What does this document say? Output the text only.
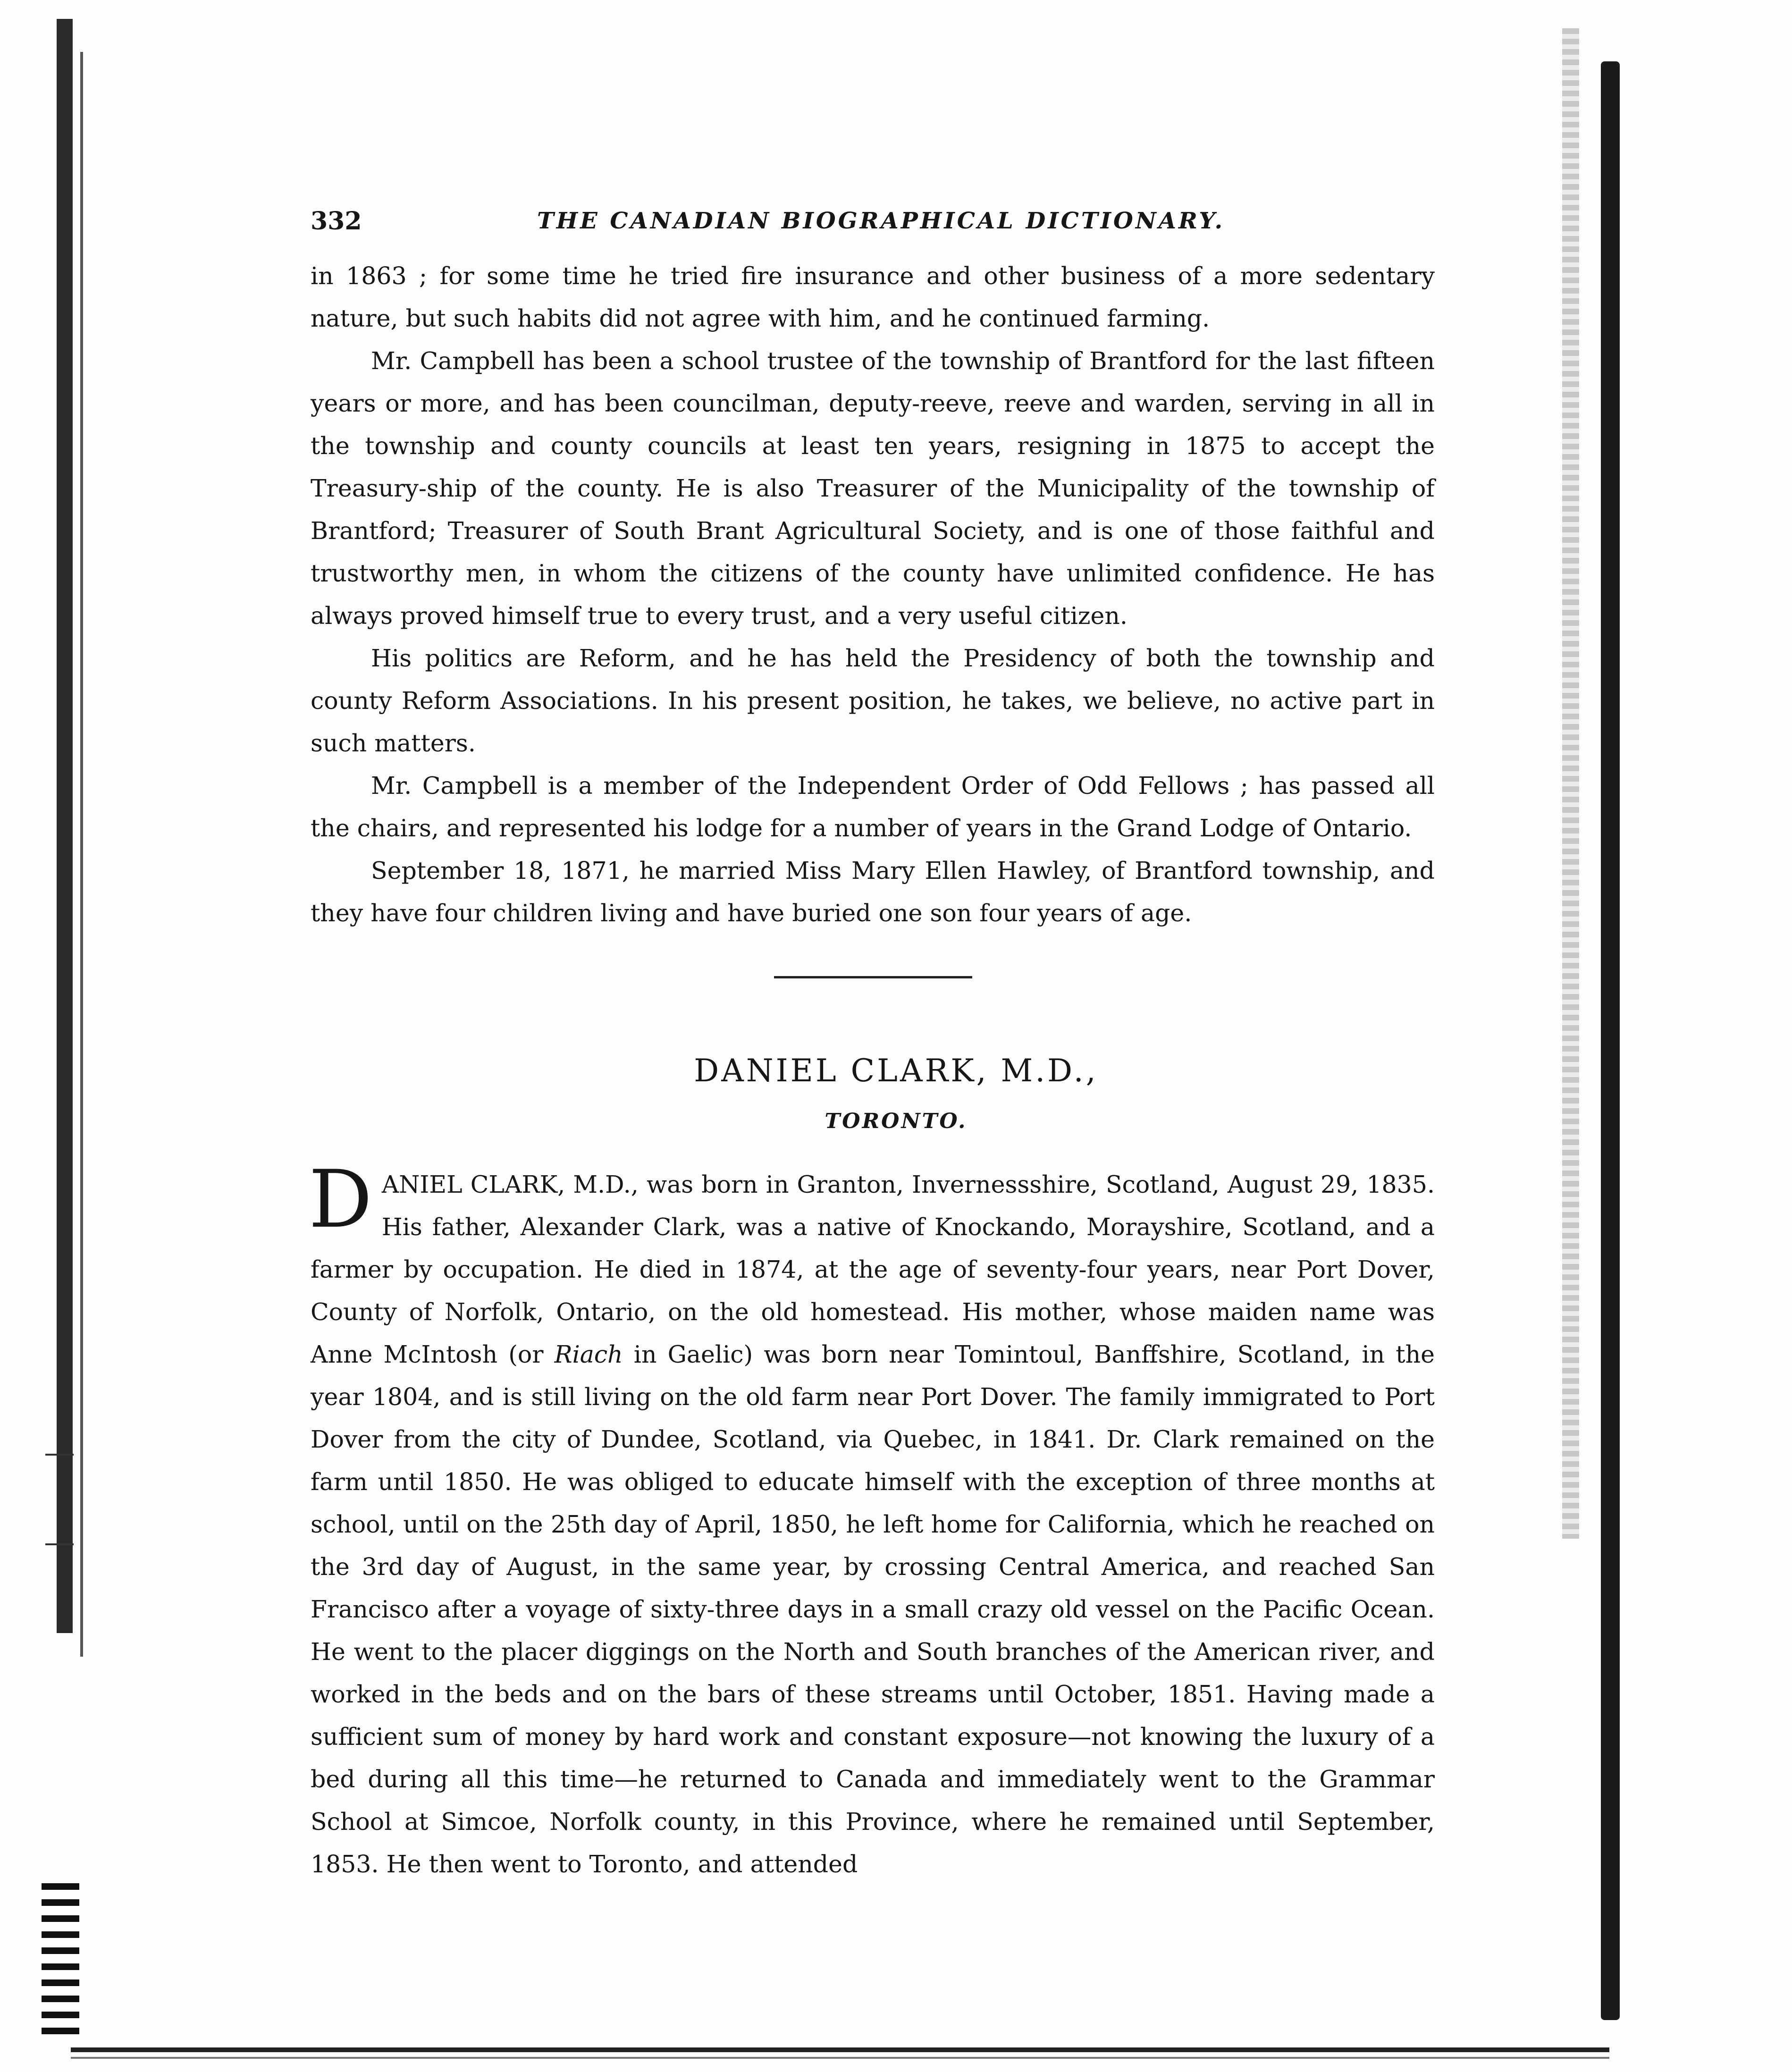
332	THE CANADIAN BIOGRAPHICAL DICTIONARY.

in 1863 ; for some time he tried fire insurance and other business of a more sedentary nature, but such habits did not agree with him, and he continued farming.

Mr. Campbell has been a school trustee of the township of Brantford for the last fifteen years or more, and has been councilman, deputy-reeve, reeve and warden, serving in all in the township and county councils at least ten years, resigning in 1875 to accept the Treasury-ship of the county. He is also Treasurer of the Municipality of the township of Brantford; Treasurer of South Brant Agricultural Society, and is one of those faithful and trustworthy men, in whom the citizens of the county have unlimited confidence. He has always proved himself true to every trust, and a very useful citizen.

His politics are Reform, and he has held the Presidency of both the township and county Reform Associations. In his present position, he takes, we believe, no active part in such matters.

Mr. Campbell is a member of the Independent Order of Odd Fellows ; has passed all the chairs, and represented his lodge for a number of years in the Grand Lodge of Ontario.

September 18, 1871, he married Miss Mary Ellen Hawley, of Brantford township, and they have four children living and have buried one son four years of age.

DANIEL CLARK, M.D.,
TORONTO.

DANIEL CLARK, M.D., was born in Granton, Invernessshire, Scotland, August 29, 1835. His father, Alexander Clark, was a native of Knockando, Morayshire, Scotland, and a farmer by occupation. He died in 1874, at the age of seventy-four years, near Port Dover, County of Norfolk, Ontario, on the old homestead. His mother, whose maiden name was Anne McIntosh (or Riach in Gaelic) was born near Tomintoul, Banffshire, Scotland, in the year 1804, and is still living on the old farm near Port Dover. The family immigrated to Port Dover from the city of Dundee, Scotland, via Quebec, in 1841. Dr. Clark remained on the farm until 1850. He was obliged to educate himself with the exception of three months at school, until on the 25th day of April, 1850, he left home for California, which he reached on the 3rd day of August, in the same year, by crossing Central America, and reached San Francisco after a voyage of sixty-three days in a small crazy old vessel on the Pacific Ocean. He went to the placer diggings on the North and South branches of the American river, and worked in the beds and on the bars of these streams until October, 1851. Having made a sufficient sum of money by hard work and constant exposure—not knowing the luxury of a bed during all this time—he returned to Canada and immediately went to the Grammar School at Simcoe, Norfolk county, in this Province, where he remained until September, 1853. He then went to Toronto, and attended
